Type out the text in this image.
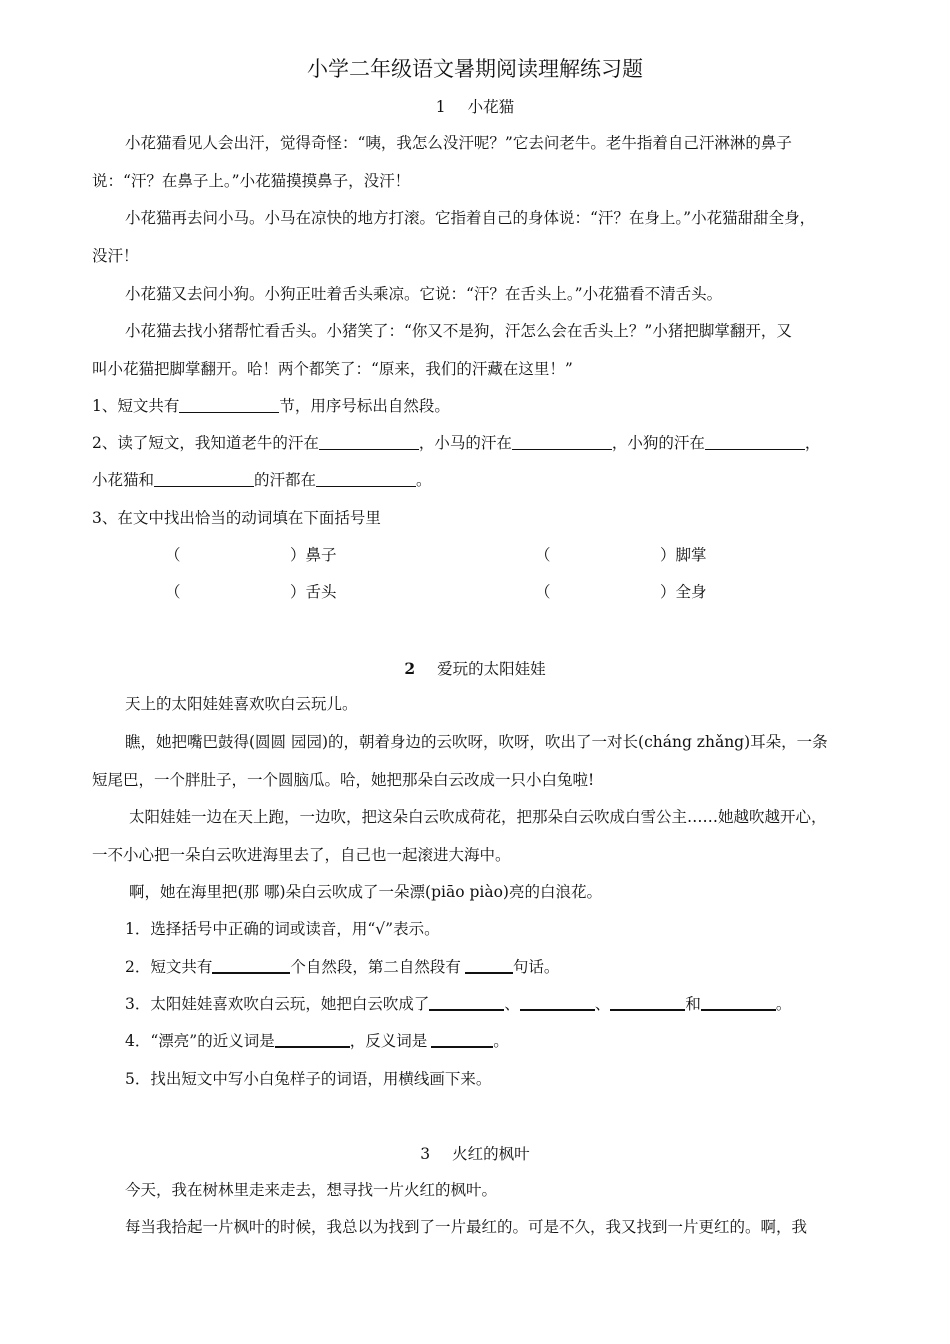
小学二年级语文暑期阅读理解练习题
1 小花猫
小花猫看见人会出汗，觉得奇怪：“咦，我怎么没汗呢？”它去问老牛。老牛指着自己汗淋淋的鼻子
说：“汗？在鼻子上。”小花猫摸摸鼻子，没汗！
小花猫再去问小马。小马在凉快的地方打滚。它指着自己的身体说：“汗？在身上。”小花猫甜甜全身，
没汗！
小花猫又去问小狗。小狗正吐着舌头乘凉。它说：“汗？在舌头上。”小花猫看不清舌头。
小花猫去找小猪帮忙看舌头。小猪笑了：“你又不是狗，汗怎么会在舌头上？”小猪把脚掌翻开，又
叫小花猫把脚掌翻开。哈！两个都笑了：“原来，我们的汗藏在这里！”
1、短文共有	节，用序号标出自然段。
2、读了短文，我知道老牛的汗在	，小马的汗在	，小狗的汗在	，
小花猫和	的汗都在	。
3、在文中找出恰当的动词填在下面括号里
（	）鼻子	（	）脚掌
（	）舌头	（	）全身
2 爱玩的太阳娃娃
天上的太阳娃娃喜欢吹白云玩儿。
瞧，她把嘴巴鼓得(圆圆 园园)的，朝着身边的云吹呀，吹呀，吹出了一对长(cháng zhǎng)耳朵，一条
短尾巴，一个胖肚子，一个圆脑瓜。哈，她把那朵白云改成一只小白兔啦!
太阳娃娃一边在天上跑，一边吹，把这朵白云吹成荷花，把那朵白云吹成白雪公主……她越吹越开心，
一不小心把一朵白云吹进海里去了，自己也一起滚进大海中。
啊，她在海里把(那 哪)朵白云吹成了一朵漂(piāo piào)亮的白浪花。
1．选择括号中正确的词或读音，用“√”表示。
2．短文共有	个自然段，第二自然段有	句话。
3．太阳娃娃喜欢吹白云玩，她把白云吹成了	、	、	和	。
4．“漂亮”的近义词是	，反义词是	。
5．找出短文中写小白兔样子的词语，用横线画下来。
3 火红的枫叶
今天，我在树林里走来走去，想寻找一片火红的枫叶。
每当我拾起一片枫叶的时候，我总以为找到了一片最红的。可是不久，我又找到一片更红的。啊，我
